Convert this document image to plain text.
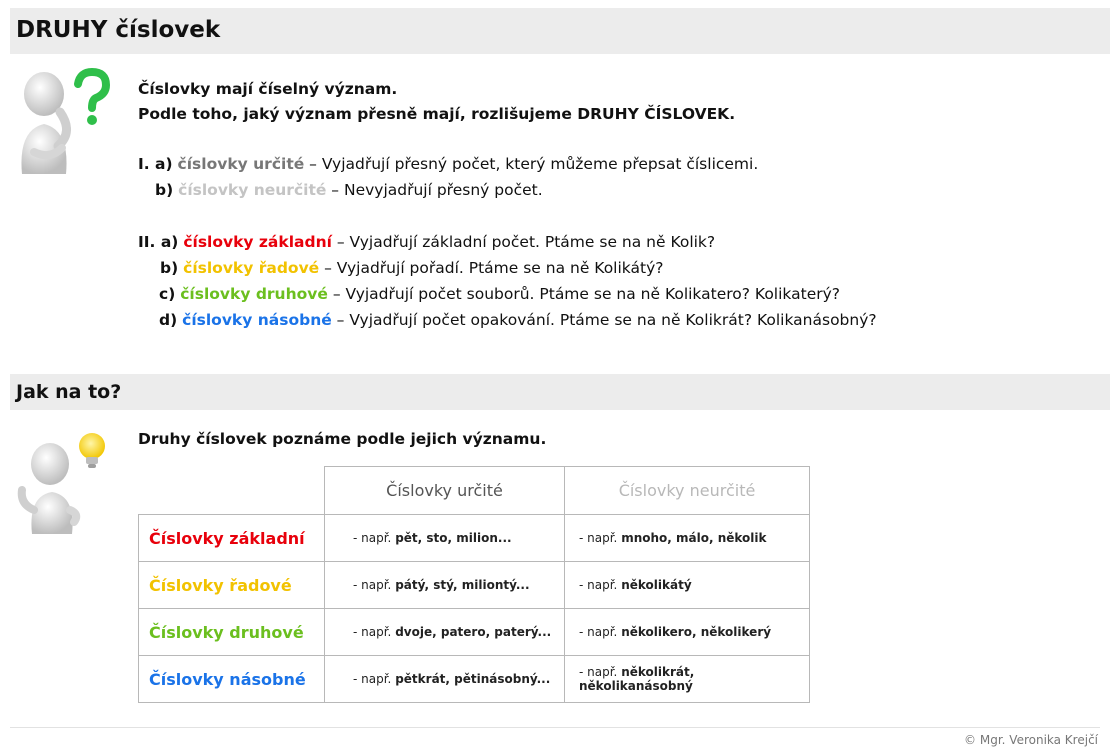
DRUHY číslovek
Číslovky mají číselný význam.
Podle toho, jaký význam přesně mají, rozlišujeme DRUHY ČÍSLOVEK.
I. a) číslovky určité – Vyjadřují přesný počet, který můžeme přepsat číslicemi.
b) číslovky neurčité – Nevyjadřují přesný počet.
II. a) číslovky základní – Vyjadřují základní počet. Ptáme se na ně Kolik?
b) číslovky řadové – Vyjadřují pořadí. Ptáme se na ně Kolikátý?
c) číslovky druhové – Vyjadřují počet souborů. Ptáme se na ně Kolikatero? Kolikaterý?
d) číslovky násobné – Vyjadřují počet opakování. Ptáme se na ně Kolikrát? Kolikanásobný?
Jak na to?
Druhy číslovek poznáme podle jejich významu.
	Číslovky určité	Číslovky neurčité
Číslovky základní	- např. pět, sto, milion...	- např. mnoho, málo, několik
Číslovky řadové	- např. pátý, stý, miliontý...	- např. několikátý
Číslovky druhové	- např. dvoje, patero, paterý...	- např. několikero, několikerý
Číslovky násobné	- např. pětkrát, pětinásobný...	- např. několikrát, několikanásobný
© Mgr. Veronika Krejčí
